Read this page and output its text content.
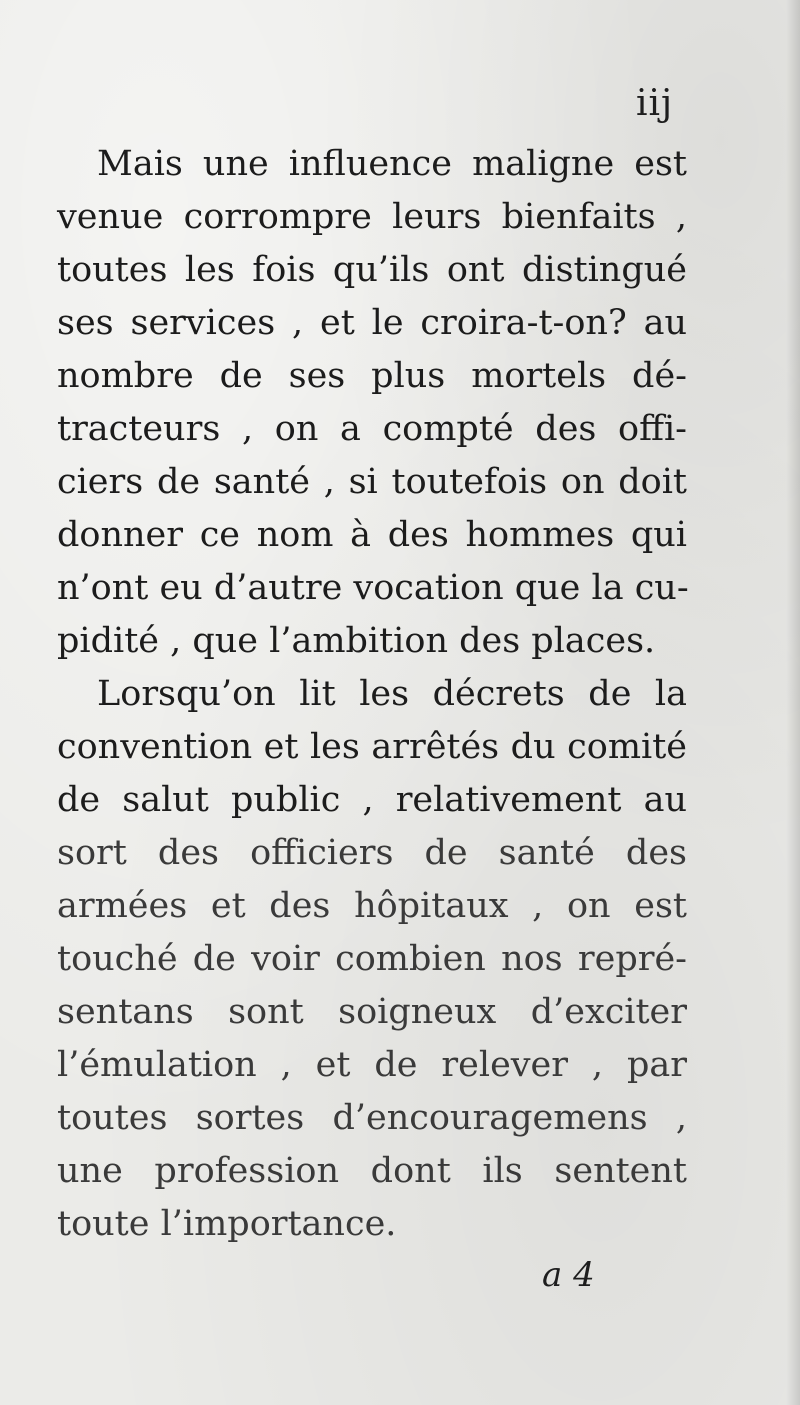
iij
Mais une influence maligne est
venue corrompre leurs bienfaits ,
toutes les fois qu’ils ont distingué
ses services , et le croira-t-on? au
nombre de ses plus mortels dé-
tracteurs , on a compté des offi-
ciers de santé , si toutefois on doit
donner ce nom à des hommes qui
n’ont eu d’autre vocation que la cu-
pidité , que l’ambition des places.
Lorsqu’on lit les décrets de la
convention et les arrêtés du comité
de salut public , relativement au
sort des officiers de santé des
armées et des hôpitaux , on est
touché de voir combien nos repré-
sentans sont soigneux d’exciter
l’émulation , et de relever , par
toutes sortes d’encouragemens ,
une profession dont ils sentent
toute l’importance.
a 4
